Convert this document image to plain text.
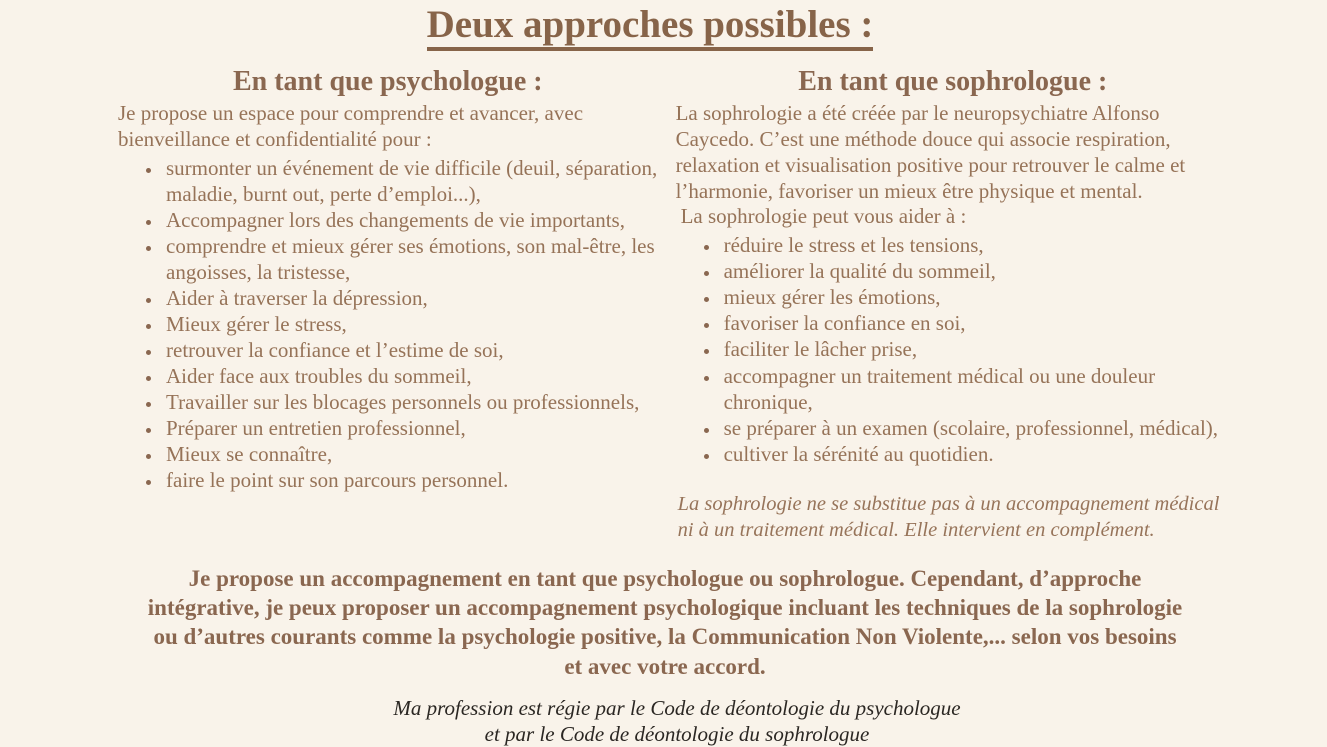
Deux approches possibles :
En tant que psychologue :

Je propose un espace pour comprendre et avancer, avec bienveillance et confidentialité pour :

• surmonter un événement de vie difficile (deuil, séparation, maladie, burnt out, perte d’emploi...),
• Accompagner lors des changements de vie importants,
• comprendre et mieux gérer ses émotions, son mal-être, les angoisses, la tristesse,
• Aider à traverser la dépression,
• Mieux gérer le stress,
• retrouver la confiance et l’estime de soi,
• Aider face aux troubles du sommeil,
• Travailler sur les blocages personnels ou professionnels,
• Préparer un entretien professionnel,
• Mieux se connaître,
• faire le point sur son parcours personnel.
En tant que sophrologue :

La sophrologie a été créée par le neuropsychiatre Alfonso Caycedo. C’est une méthode douce qui associe respiration, relaxation et visualisation positive pour retrouver le calme et l’harmonie, favoriser un mieux être physique et mental.

La sophrologie peut vous aider à :

• réduire le stress et les tensions,
• améliorer la qualité du sommeil,
• mieux gérer les émotions,
• favoriser la confiance en soi,
• faciliter le lâcher prise,
• accompagner un traitement médical ou une douleur chronique,
• se préparer à un examen (scolaire, professionnel, médical),
• cultiver la sérénité au quotidien.

La sophrologie ne se substitue pas à un accompagnement médical ni à un traitement médical. Elle intervient en complément.

Je propose un accompagnement en tant que psychologue ou sophrologue. Cependant, d’approche intégrative, je peux proposer un accompagnement psychologique incluant les techniques de la sophrologie ou d’autres courants comme la psychologie positive, la Communication Non Violente,... selon vos besoins et avec votre accord.

Ma profession est régie par le Code de déontologie du psychologue
et par le Code de déontologie du sophrologue
